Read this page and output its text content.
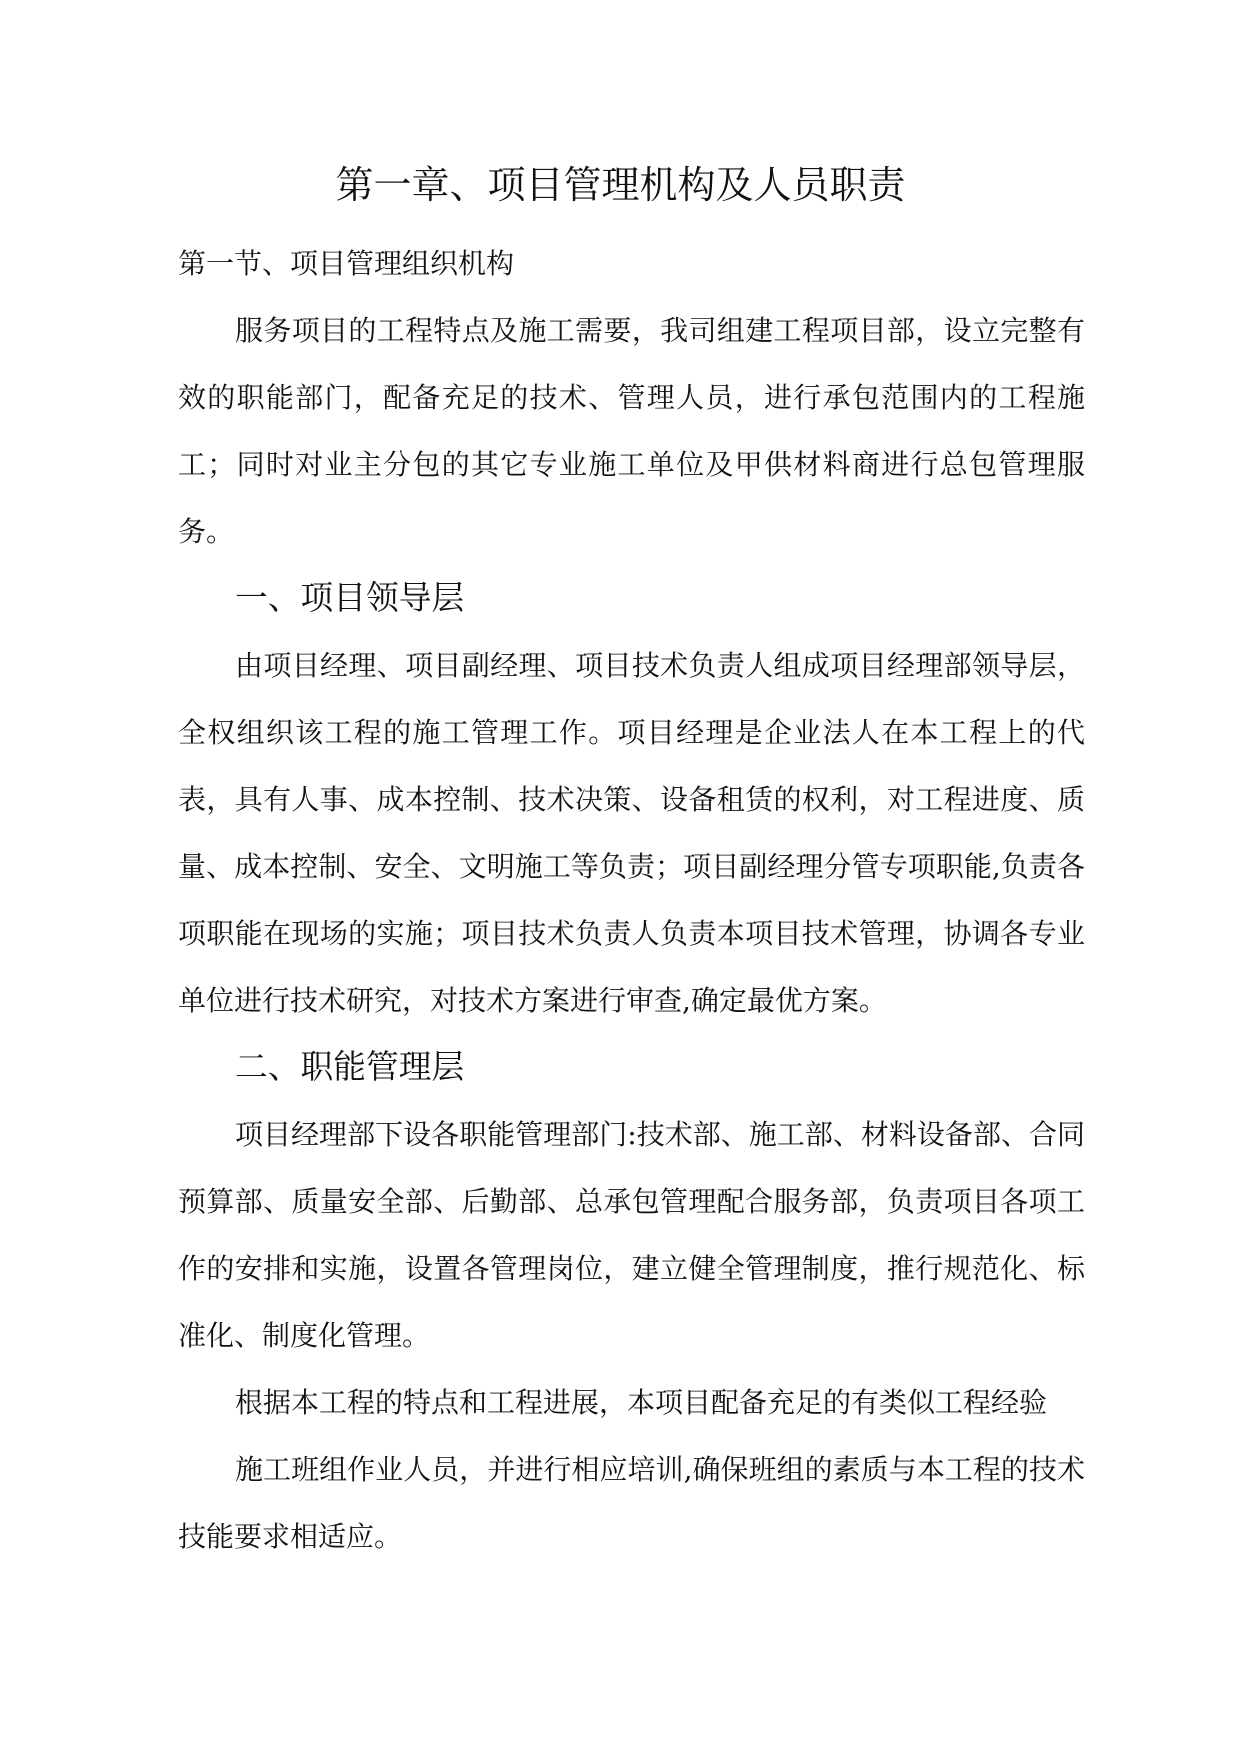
第一章、项目管理机构及人员职责
第一节、项目管理组织机构

服务项目的工程特点及施工需要，我司组建工程项目部，设立完整有效的职能部门，配备充足的技术、管理人员，进行承包范围内的工程施工；同时对业主分包的其它专业施工单位及甲供材料商进行总包管理服务。

一、项目领导层

由项目经理、项目副经理、项目技术负责人组成项目经理部领导层，全权组织该工程的施工管理工作。项目经理是企业法人在本工程上的代表，具有人事、成本控制、技术决策、设备租赁的权利，对工程进度、质量、成本控制、安全、文明施工等负责；项目副经理分管专项职能,负责各项职能在现场的实施；项目技术负责人负责本项目技术管理，协调各专业单位进行技术研究，对技术方案进行审查,确定最优方案。

二、职能管理层

项目经理部下设各职能管理部门:技术部、施工部、材料设备部、合同预算部、质量安全部、后勤部、总承包管理配合服务部，负责项目各项工作的安排和实施，设置各管理岗位，建立健全管理制度，推行规范化、标准化、制度化管理。

根据本工程的特点和工程进展，本项目配备充足的有类似工程经验

施工班组作业人员，并进行相应培训,确保班组的素质与本工程的技术技能要求相适应。
